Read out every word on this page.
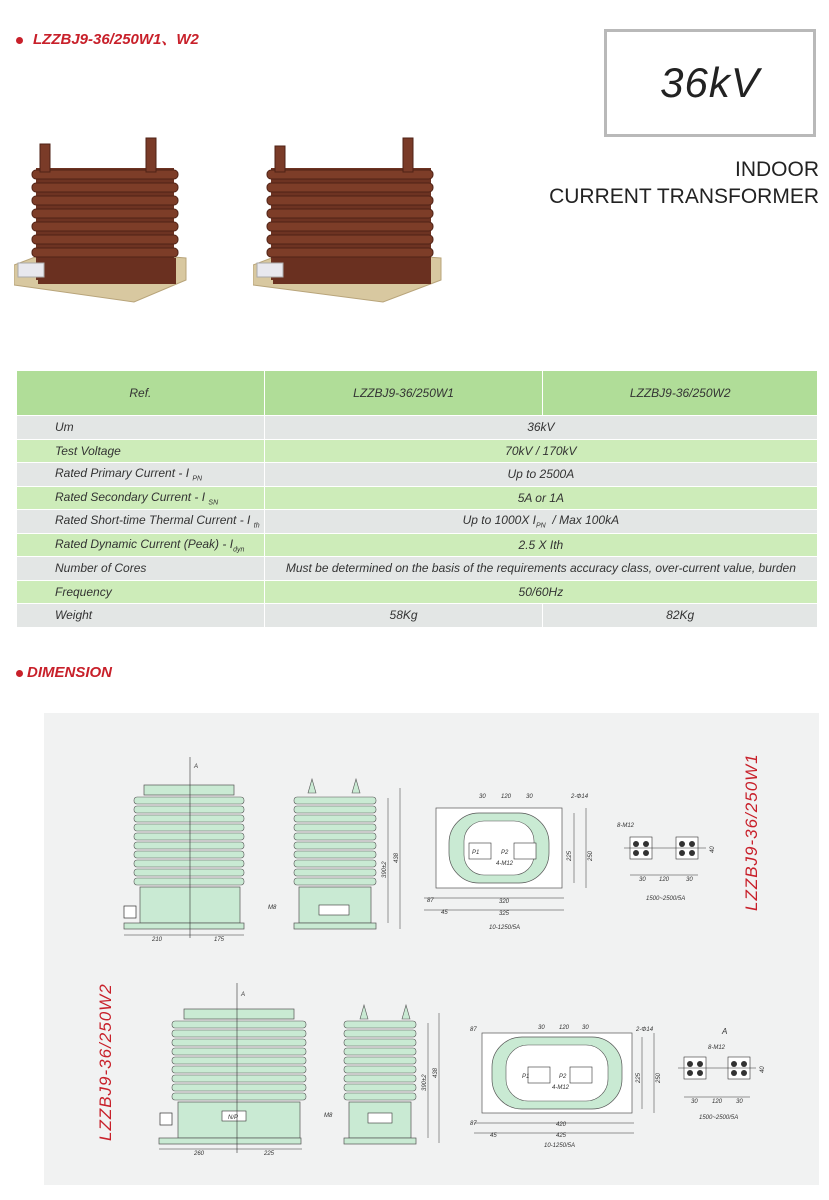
LZZBJ9-36/250W1、W2
36kV
INDOOR
CURRENT TRANSFORMER
Ref.	LZZBJ9-36/250W1	LZZBJ9-36/250W2
Um	36kV	
Test Voltage	70kV / 170kV	
Rated Primary Current - I $_{PN}$	Up to 2500A	
Rated Secondary Current - I $_{SN}$	5A or 1A	
Rated Short-time Thermal Current - I $_{th}$	Up to 1000X $I_{PN}$  / Max 100kA	
Rated Dynamic Current (Peak) - $I_{dyn}$	2.5 X Ith	
Number of Cores	Must be determined on the basis of the requirements accuracy class, over-current value, burden	
Frequency	50/60Hz	
Weight	58Kg	82Kg
DIMENSION
A
210	175
M8
390±2
438
30	120 30	2-Φ14
P1	P2
4-M12
225	250
87
45
320
325
10-1250/5A
8-M12
40
30 120	30
1500~2500/5A
A
N/P
260	225
M8
390±2
438
87	30 120 30	2-Φ14
P1	P2
4-M12
225 250
87
45
420
425
10-1250/5A
A
8-M12
40
30 120 30
1500~2500/5A
LZZBJ9-36/250W1
LZZBJ9-36/250W2
